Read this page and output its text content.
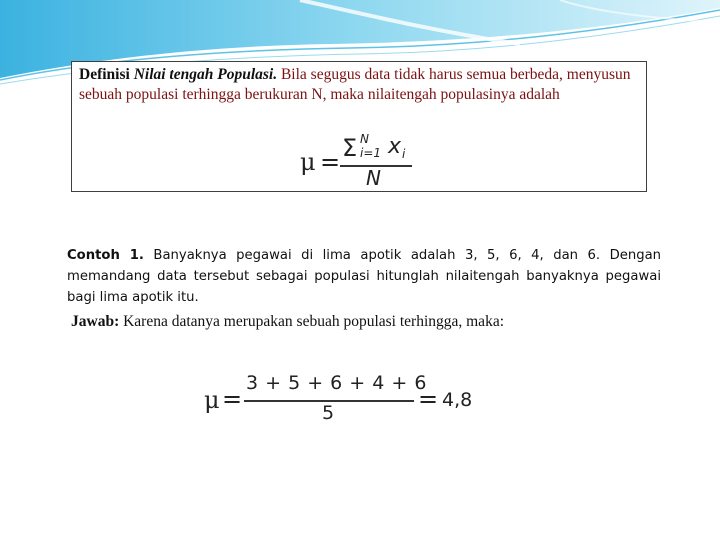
Definisi Nilai tengah Populasi. Bila segugus data tidak harus semua berbeda, menyusun sebuah populasi terhingga berukuran N, maka nilaitengah populasinya adalah
μ = Σ N
i=1 x i
N
Contoh 1. Banyaknya pegawai di lima apotik adalah 3, 5, 6, 4, dan 6. Dengan memandang data tersebut sebagai populasi hitunglah nilaitengah banyaknya pegawai bagi lima apotik itu.
Jawab: Karena datanya merupakan sebuah populasi terhingga, maka:
μ =
3 + 5 + 6 + 4 + 6
5	= 4,8
